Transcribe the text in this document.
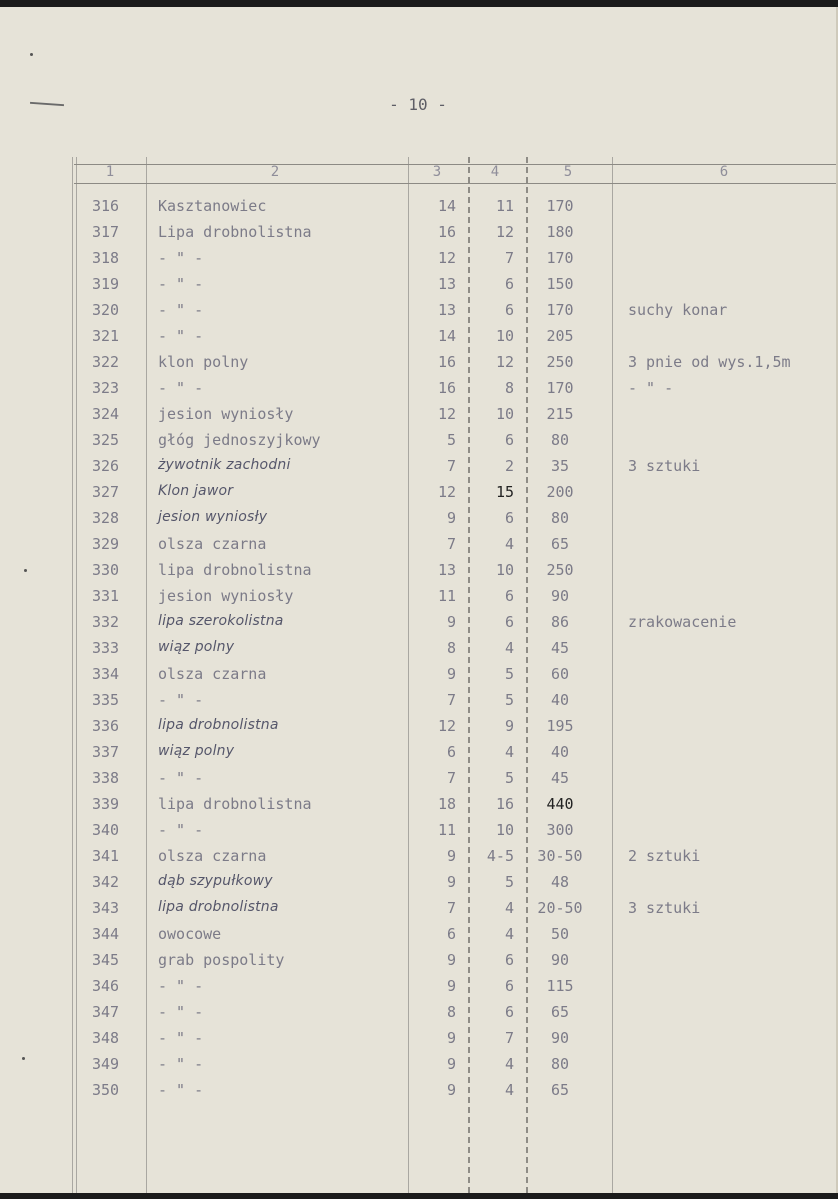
- 10 -
1	2	3	4	5	6
316	Kasztanowiec	14	11	170
317	Lipa drobnolistna	16	12	180
318	- " -	12	7	170
319	- " -	13	6	150
320	- " -	13	6	170	suchy konar
321	- " -	14	10	205
322	klon polny	16	12	250	3 pnie od wys.1,5m
323	- " -	16	8	170	- " -
324	jesion wyniosły	12	10	215
325	głóg jednoszyjkowy	5	6	80
326	żywotnik zachodni	7	2	35	3 sztuki
327	Klon jawor	12	15	200
328	jesion wyniosły	9	6	80
329	olsza czarna	7	4	65
330	lipa drobnolistna	13	10	250
331	jesion wyniosły	11	6	90
332	lipa szerokolistna	9	6	86	zrakowacenie
333	wiąz polny	8	4	45
334	olsza czarna	9	5	60
335	- " -	7	5	40
336	lipa drobnolistna	12	9	195
337	wiąz polny	6	4	40
338	- " -	7	5	45
339	lipa drobnolistna	18	16	440
340	- " -	11	10	300
341	olsza czarna	9	4-5	30-50	2 sztuki
342	dąb szypułkowy	9	5	48
343	lipa drobnolistna	7	4	20-50	3 sztuki
344	owocowe	6	4	50
345	grab pospolity	9	6	90
346	- " -	9	6	115
347	- " -	8	6	65
348	- " -	9	7	90
349	- " -	9	4	80
350	- " -	9	4	65
